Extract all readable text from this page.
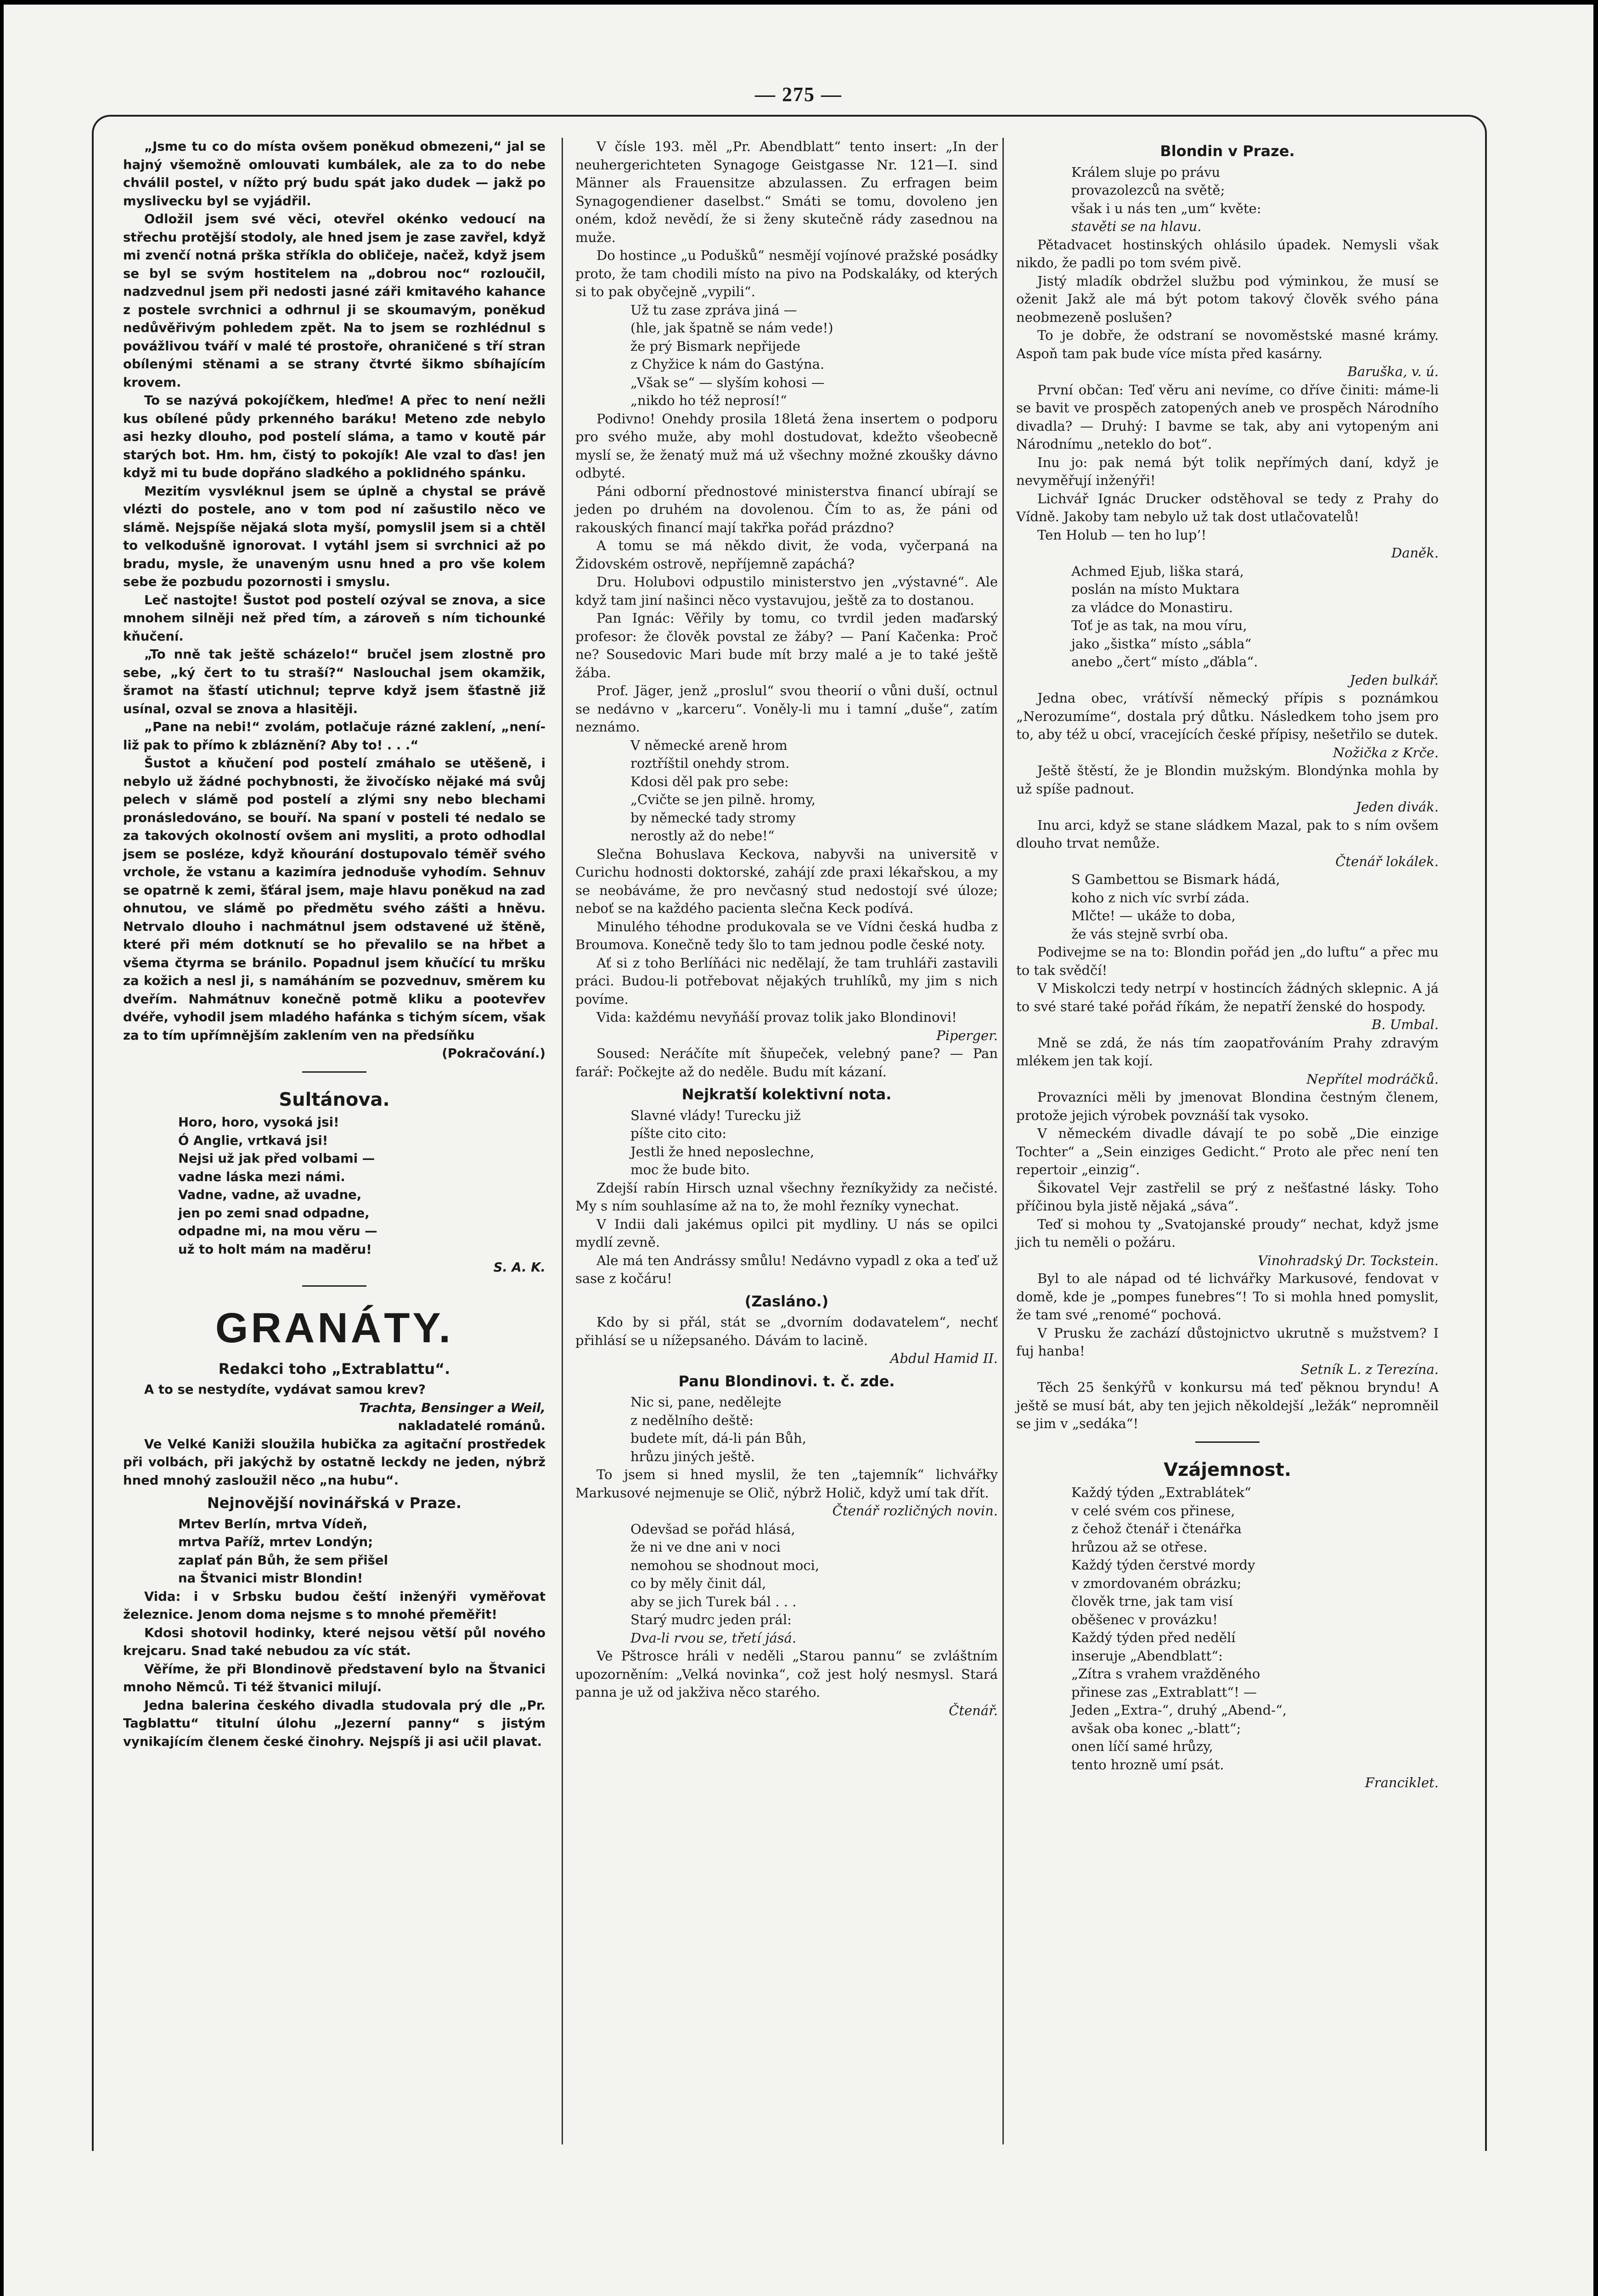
— 275 —

„Jsme tu co do místa ovšem poněkud obmezeni,“ jal se hajný všemožně omlouvati kumbálek, ale za to do nebe chválil postel, v nížto prý budu spát jako dudek — jakž po myslivecku byl se vyjádřil.

Odložil jsem své věci, otevřel okénko vedoucí na střechu protější stodoly, ale hned jsem je zase zavřel, když mi zvenčí notná prška stříkla do obličeje, načež, když jsem se byl se svým hostitelem na „dobrou noc“ rozloučil, nadzvednul jsem při nedosti jasné záři kmitavého kahance z postele svrchnici a odhrnul ji se skoumavým, poněkud nedůvěřivým pohledem zpět. Na to jsem se rozhlédnul s povážlivou tváří v malé té prostoře, ohraničené s tří stran obílenými stěnami a se strany čtvrté šikmo sbíhajícím krovem.

To se nazývá pokojíčkem, hleďme! A přec to není nežli kus obílené půdy prkenného baráku! Meteno zde nebylo asi hezky dlouho, pod postelí sláma, a tamo v koutě pár starých bot. Hm. hm, čistý to pokojík! Ale vzal to ďas! jen když mi tu bude dopřáno sladkého a poklidného spánku.

Mezitím vysvléknul jsem se úplně a chystal se právě vlézti do postele, ano v tom pod ní zašustilo něco ve slámě. Nejspíše nějaká slota myší, pomyslil jsem si a chtěl to velkodušně ignorovat. I vytáhl jsem si svrchnici až po bradu, mysle, že unaveným usnu hned a pro vše kolem sebe že pozbudu pozornosti i smyslu.

Leč nastojte! Šustot pod postelí ozýval se znova, a sice mnohem silněji než před tím, a zároveň s ním tichounké kňučení.

„To nně tak ještě scházelo!“ bručel jsem zlostně pro sebe, „ký čert to tu straší?“ Naslouchal jsem okamžik, šramot na šťastí utichnul; teprve když jsem šťastně již usínal, ozval se znova a hlasitěji.

„Pane na nebi!“ zvolám, potlačuje rázné zaklení, „není-liž pak to přímo k zbláznění? Aby to! . . .“

Šustot a kňučení pod postelí zmáhalo se utěšeně, i nebylo už žádné pochybnosti, že živočísko nějaké má svůj pelech v slámě pod postelí a zlými sny nebo blechami pronásledováno, se bouří. Na spaní v posteli té nedalo se za takových okolností ovšem ani mysliti, a proto odhodlal jsem se posléze, když kňourání dostupovalo téměř svého vrchole, že vstanu a kazimíra jednoduše vyhodím. Sehnuv se opatrně k zemi, šťáral jsem, maje hlavu poněkud na zad ohnutou, ve slámě po předmětu svého zášti a hněvu. Netrvalo dlouho i nachmátnul jsem odstavené už štěně, které při mém dotknutí se ho převalilo se na hřbet a všema čtyrma se bránilo. Popadnul jsem kňučící tu mršku za kožich a nesl ji, s namáháním se pozvednuv, směrem ku dveřím. Nahmátnuv konečně potmě kliku a pootevřev dvéře, vyhodil jsem mladého hafánka s tichým sícem, však za to tím upřímnějším zaklením ven na předsíňku

(Pokračování.)

Sultánova.

Horo, horo, vysoká jsi!

Ó Anglie, vrtkavá jsi!

Nejsi už jak před volbami —

vadne láska mezi námi.

Vadne, vadne, až uvadne,

jen po zemi snad odpadne,

odpadne mi, na mou věru —

už to holt mám na maděru!

S. A. K.

GRANÁTY.

Redakci toho „Extrablattu“.

A to se nestydíte, vydávat samou krev?

Trachta, Bensinger a Weil,

nakladatelé románů.

Ve Velké Kaniži sloužila hubička za agitační prostředek při volbách, při jakýchž by ostatně leckdy ne jeden, nýbrž hned mnohý zasloužil něco „na hubu“.

Nejnovější novinářská v Praze.

Mrtev Berlín, mrtva Vídeň,

mrtva Paříž, mrtev Londýn;

zaplať pán Bůh, že sem přišel

na Štvanici mistr Blondin!

Vida: i v Srbsku budou čeští inženýři vyměřovat železnice. Jenom doma nejsme s to mnohé přeměřit!

Kdosi shotovil hodinky, které nejsou větší půl nového krejcaru. Snad také nebudou za víc stát.

Věříme, že při Blondinově představení bylo na Štvanici mnoho Němců. Ti též štvanici milují.

Jedna balerina českého divadla studovala prý dle „Pr. Tagblattu“ titulní úlohu „Jezerní panny“ s jistým vynikajícím členem české činohry. Nejspíš ji asi učil plavat.

V čísle 193. měl „Pr. Abendblatt“ tento insert: „In der neuhergerichteten Synagoge Geistgasse Nr. 121—I. sind Männer als Frauensitze abzulassen. Zu erfragen beim Synagogendiener daselbst.“ Smáti se tomu, dovoleno jen oném, kdož nevědí, že si ženy skutečně rády zasednou na muže.

Do hostince „u Podušků“ nesmějí vojínové pražské posádky proto, že tam chodili místo na pivo na Podskaláky, od kterých si to pak obyčejně „vypili“.

Už tu zase zpráva jiná —

(hle, jak špatně se nám vede!)

že prý Bismark nepřijede

z Chyžice k nám do Gastýna.

„Však se“ — slyším kohosi —

„nikdo ho též neprosí!“

Podivno! Onehdy prosila 18letá žena insertem o podporu pro svého muže, aby mohl dostudovat, kdežto všeobecně myslí se, že ženatý muž má už všechny možné zkoušky dávno odbyté.

Páni odborní přednostové ministerstva financí ubírají se jeden po druhém na dovolenou. Čím to as, že páni od rakouských financí mají takřka pořád prázdno?

A tomu se má někdo divit, že voda, vyčerpaná na Židovském ostrově, nepříjemně zapáchá?

Dru. Holubovi odpustilo ministerstvo jen „výstavné“. Ale když tam jiní našinci něco vystavujou, ještě za to dostanou.

Pan Ignác: Věřily by tomu, co tvrdil jeden maďarský profesor: že člověk povstal ze žáby? — Paní Kačenka: Proč ne? Sousedovic Mari bude mít brzy malé a je to také ještě žába.

Prof. Jäger, jenž „proslul“ svou theorií o vůni duší, octnul se nedávno v „karceru“. Voněly-li mu i tamní „duše“, zatím neznámo.

V německé areně hrom

roztříštil onehdy strom.

Kdosi děl pak pro sebe:

„Cvičte se jen pilně. hromy,

by německé tady stromy

nerostly až do nebe!“

Slečna Bohuslava Keckova, nabyvši na universitě v Curichu hodnosti doktorské, zahájí zde praxi lékařskou, a my se neobáváme, že pro nevčasný stud nedostojí své úloze; neboť se na každého pacienta slečna Keck podívá.

Minulého téhodne produkovala se ve Vídni česká hudba z Broumova. Konečně tedy šlo to tam jednou podle české noty.

Ať si z toho Berlíňáci nic nedělají, že tam truhláři zastavili práci. Budou-li potřebovat nějakých truhlíků, my jim s nich povíme.

Vida: každému nevyňáší provaz tolik jako Blondinovi!

Piperger.

Soused: Neráčíte mít šňupeček, velebný pane? — Pan farář: Počkejte až do neděle. Budu mít kázaní.

Nejkratší kolektivní nota.

Slavné vlády! Turecku již

píšte cito cito:

Jestli že hned neposlechne,

moc že bude bito.

Zdejší rabín Hirsch uznal všechny řezníkyžidy za nečisté. My s ním souhlasíme až na to, že mohl řezníky vynechat.

V Indii dali jakémus opilci pit mydliny. U nás se opilci mydlí zevně.

Ale má ten Andrássy smůlu! Nedávno vypadl z oka a teď už sase z kočáru!

(Zasláno.)

Kdo by si přál, stát se „dvorním dodavatelem“, nechť přihlásí se u nížepsaného. Dávám to lacině.

Abdul Hamid II.

Panu Blondinovi. t. č. zde.

Nic si, pane, nedělejte

z nedělního deště:

budete mít, dá-li pán Bůh,

hrůzu jiných ještě.

To jsem si hned myslil, že ten „tajemník“ lichvářky Markusové nejmenuje se Olič, nýbrž Holič, když umí tak dřít.

Čtenář rozličných novin.

Odevšad se pořád hlásá,

že ni ve dne ani v noci

nemohou se shodnout moci,

co by měly činit dál,

aby se jich Turek bál . . .

Starý mudrc jeden prál:

Dva-li rvou se, třetí jásá.

Ve Pštrosce hráli v neděli „Starou pannu“ se zvláštním upozorněním: „Velká novinka“, což jest holý nesmysl. Stará panna je už od jakživa něco starého.

Čtenář.

Blondin v Praze.

Králem sluje po právu

provazolezců na světě;

však i u nás ten „um“ květe:

stavěti se na hlavu.

Pětadvacet hostinských ohlásilo úpadek. Nemysli však nikdo, že padli po tom svém pivě.

Jistý mladík obdržel službu pod výminkou, že musí se oženit Jakž ale má být potom takový člověk svého pána neobmezeně poslušen?

To je dobře, že odstraní se novoměstské masné krámy. Aspoň tam pak bude více místa před kasárny.

Baruška, v. ú.

První občan: Teď věru ani nevíme, co dříve činiti: máme-li se bavit ve prospěch zatopených aneb ve prospěch Národního divadla? — Druhý: I bavme se tak, aby ani vytopeným ani Národnímu „neteklo do bot“.

Inu jo: pak nemá být tolik nepřímých daní, když je nevyměřují inženýři!

Lichvář Ignác Drucker odstěhoval se tedy z Prahy do Vídně. Jakoby tam nebylo už tak dost utlačovatelů!

Ten Holub — ten ho lup’!

Daněk.

Achmed Ejub, liška stará,

poslán na místo Muktara

za vládce do Monastiru.

Toť je as tak, na mou víru,

jako „šistka“ místo „sábla“

anebo „čert“ místo „ďábla“.

Jeden bulkář.

Jedna obec, vrátívší německý přípis s poznámkou „Nerozumíme“, dostala prý důtku. Následkem toho jsem pro to, aby též u obcí, vracejících české přípisy, nešetřilo se dutek.

Nožička z Krče.

Ještě štěstí, že je Blondin mužským. Blondýnka mohla by už spíše padnout.

Jeden divák.

Inu arci, když se stane sládkem Mazal, pak to s ním ovšem dlouho trvat nemůže.

Čtenář lokálek.

S Gambettou se Bismark hádá,

koho z nich víc svrbí záda.

Mlčte! — ukáže to doba,

že vás stejně svrbí oba.

Podivejme se na to: Blondin pořád jen „do luftu“ a přec mu to tak svědčí!

V Miskolczi tedy netrpí v hostincích žádných sklepnic. A já to své staré také pořád říkám, že nepatří ženské do hospody.

B. Umbal.

Mně se zdá, že nás tím zaopatřováním Prahy zdravým mlékem jen tak kojí.

Nepřítel modráčků.

Provazníci měli by jmenovat Blondina čestným členem, protože jejich výrobek povznáší tak vysoko.

V německém divadle dávají te po sobě „Die einzige Tochter“ a „Sein einziges Gedicht.“ Proto ale přec není ten repertoir „einzig“.

Šikovatel Vejr zastřelil se prý z nešťastné lásky. Toho příčinou byla jistě nějaká „sáva“.

Teď si mohou ty „Svatojanské proudy“ nechat, když jsme jich tu neměli o požáru.

Vinohradský Dr. Tockstein.

Byl to ale nápad od té lichvářky Markusové, fendovat v domě, kde je „pompes funebres“! To si mohla hned pomyslit, že tam své „renomé“ pochová.

V Prusku že zachází důstojnictvo ukrutně s mužstvem? I fuj hanba!

Setník L. z Terezína.

Těch 25 šenkýřů v konkursu má teď pěknou bryndu! A ještě se musí bát, aby ten jejich několdejší „ležák“ nepromněil se jim v „sedáka“!

Vzájemnost.

Každý týden „Extrablátek“

v celé svém cos přinese,

z čehož čtenář i čtenářka

hrůzou až se otřese.

Každý týden čerstvé mordy

v zmordovaném obrázku;

člověk trne, jak tam visí

oběšenec v provázku!

Každý týden před nedělí

inseruje „Abendblatt“:

„Zítra s vrahem vražděného

přinese zas „Extrablatt“! —

Jeden „Extra-“, druhý „Abend-“,

avšak oba konec „-blatt“;

onen líčí samé hrůzy,

tento hrozně umí psát.

Franciklet.
